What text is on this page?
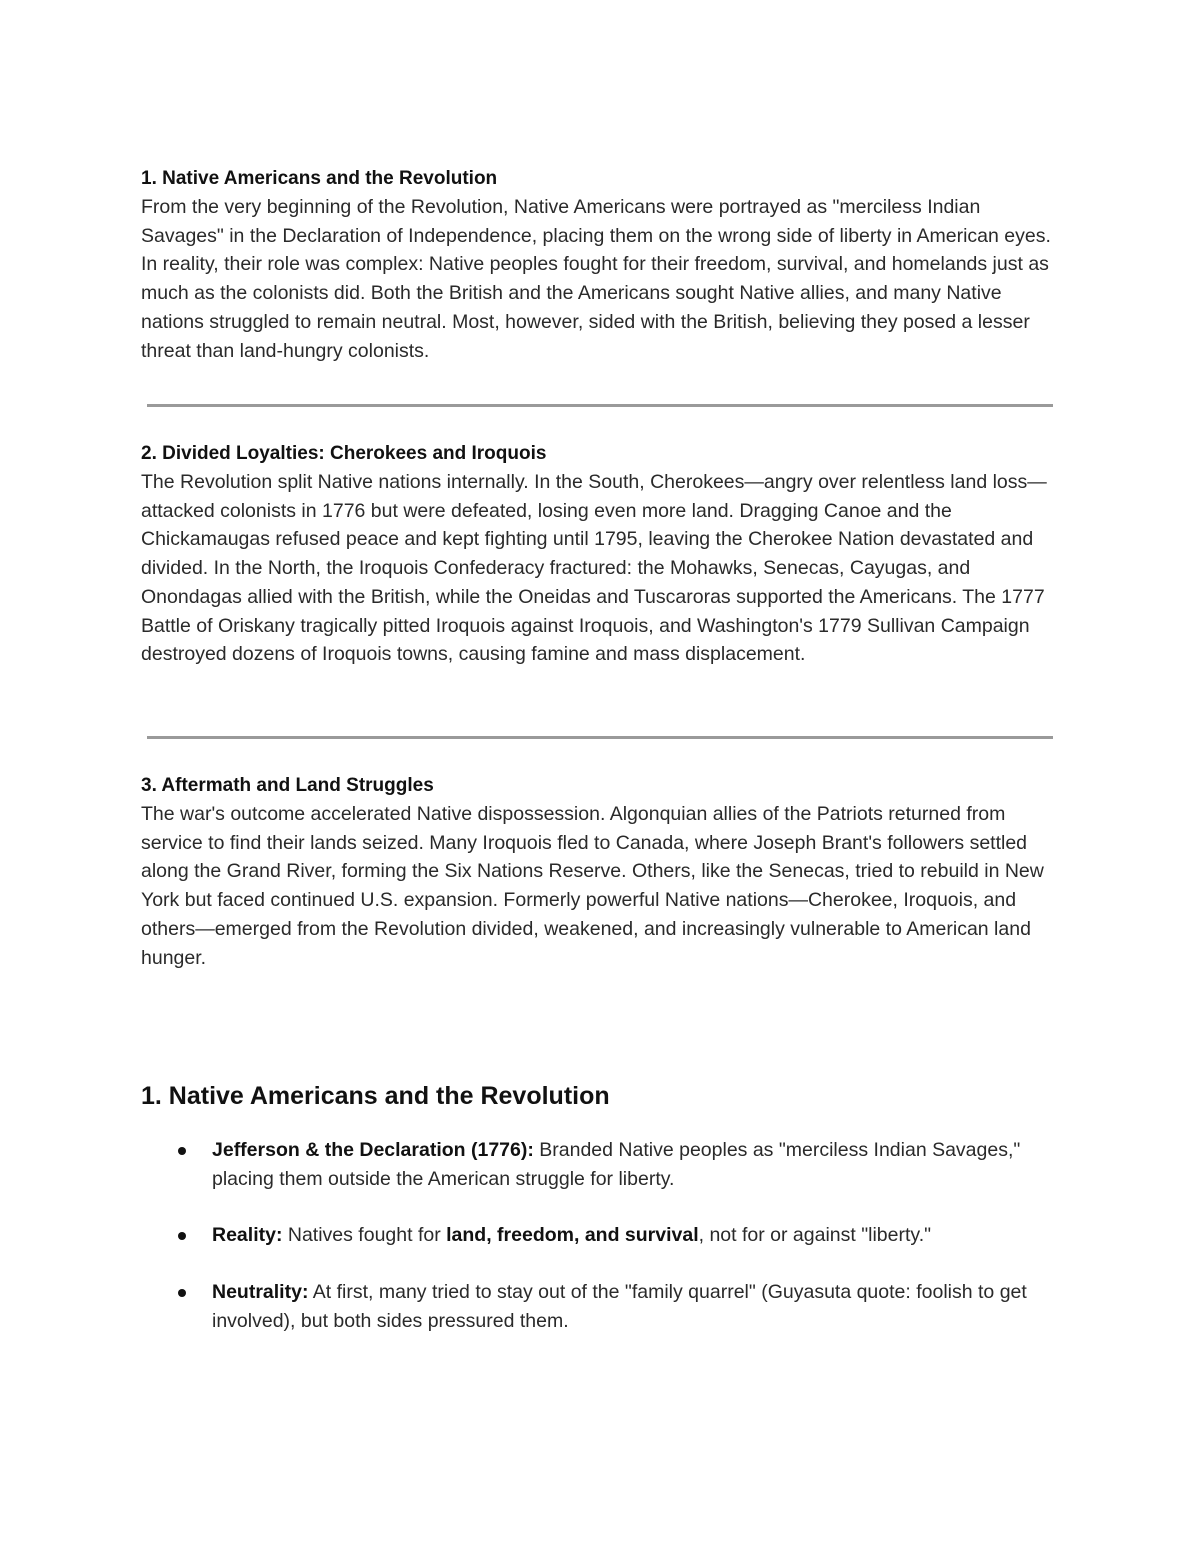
1. Native Americans and the Revolution

From the very beginning of the Revolution, Native Americans were portrayed as "merciless Indian Savages" in the Declaration of Independence, placing them on the wrong side of liberty in American eyes. In reality, their role was complex: Native peoples fought for their freedom, survival, and homelands just as much as the colonists did. Both the British and the Americans sought Native allies, and many Native nations struggled to remain neutral. Most, however, sided with the British, believing they posed a lesser threat than land-hungry colonists.

2. Divided Loyalties: Cherokees and Iroquois

The Revolution split Native nations internally. In the South, Cherokees—angry over relentless land loss—attacked colonists in 1776 but were defeated, losing even more land. Dragging Canoe and the Chickamaugas refused peace and kept fighting until 1795, leaving the Cherokee Nation devastated and divided. In the North, the Iroquois Confederacy fractured: the Mohawks, Senecas, Cayugas, and Onondagas allied with the British, while the Oneidas and Tuscaroras supported the Americans. The 1777 Battle of Oriskany tragically pitted Iroquois against Iroquois, and Washington's 1779 Sullivan Campaign destroyed dozens of Iroquois towns, causing famine and mass displacement.

3. Aftermath and Land Struggles

The war's outcome accelerated Native dispossession. Algonquian allies of the Patriots returned from service to find their lands seized. Many Iroquois fled to Canada, where Joseph Brant's followers settled along the Grand River, forming the Six Nations Reserve. Others, like the Senecas, tried to rebuild in New York but faced continued U.S. expansion. Formerly powerful Native nations—Cherokee, Iroquois, and others—emerged from the Revolution divided, weakened, and increasingly vulnerable to American land hunger.

1. Native Americans and the Revolution
Jefferson & the Declaration (1776): Branded Native peoples as "merciless Indian Savages," placing them outside the American struggle for liberty.
Reality: Natives fought for land, freedom, and survival, not for or against "liberty."
Neutrality: At first, many tried to stay out of the "family quarrel" (Guyasuta quote: foolish to get involved), but both sides pressured them.
